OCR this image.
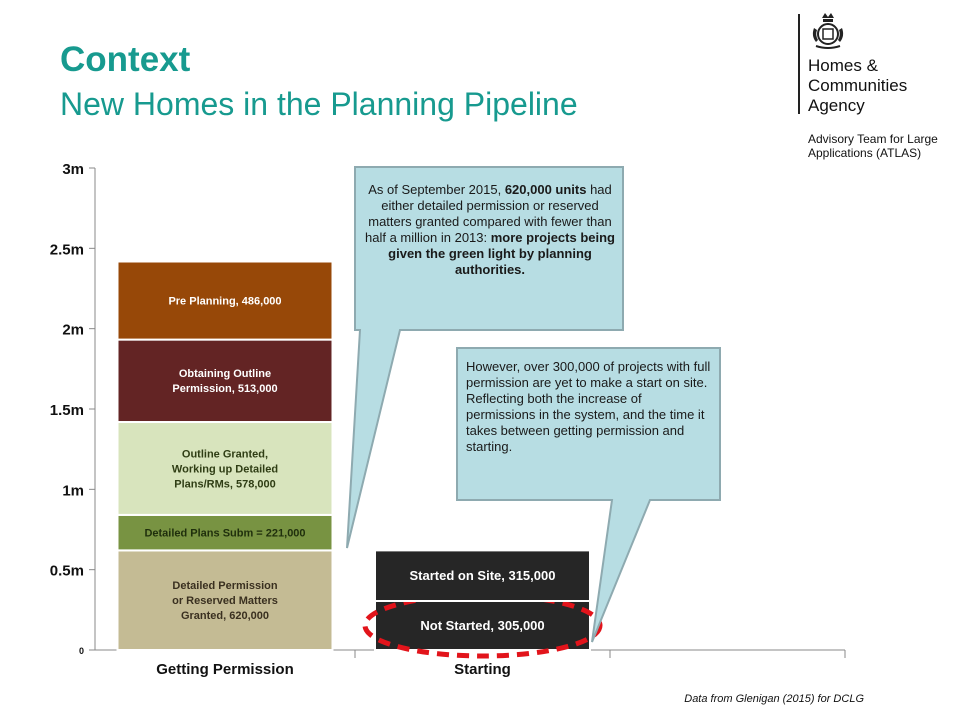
Context
New Homes in the Planning Pipeline
Homes &
Communities
Agency
Advisory Team for Large
Applications (ATLAS)
0
0.5m
1m
1.5m
2m
2.5m
3m
Getting Permission	Starting
Detailed Permission
or Reserved Matters
Granted, 620,000
Detailed Plans Subm = 221,000
Outline Granted,
Working up Detailed
Plans/RMs, 578,000
Obtaining Outline
Permission, 513,000
Pre Planning, 486,000
Not Started, 305,000
Started on Site, 315,000
As of September 2015, 620,000 units had either detailed permission or reserved matters granted compared with fewer than half a million in 2013: more projects being given the green light by planning authorities.
However, over 300,000 of projects with full permission are yet to make a start on site. Reflecting both the increase of permissions in the system, and the time it takes between getting permission and starting.
Data from Glenigan (2015) for DCLG
